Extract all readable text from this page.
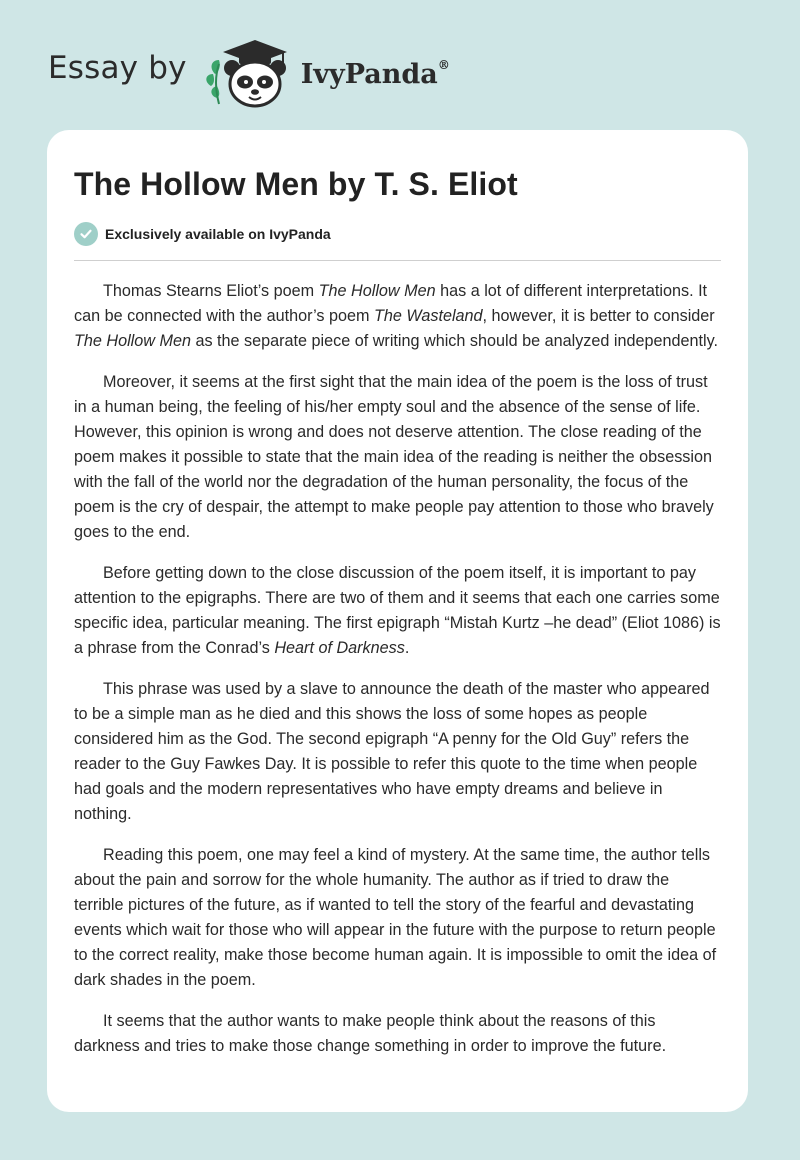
Essay by	IvyPanda®
The Hollow Men by T. S. Eliot
Exclusively available on IvyPanda

Thomas Stearns Eliot’s poem The Hollow Men has a lot of different interpretations. It can be connected with the author’s poem The Wasteland, however, it is better to consider The Hollow Men as the separate piece of writing which should be analyzed independently.

Moreover, it seems at the first sight that the main idea of the poem is the loss of trust in a human being, the feeling of his/her empty soul and the absence of the sense of life. However, this opinion is wrong and does not deserve attention. The close reading of the poem makes it possible to state that the main idea of the reading is neither the obsession with the fall of the world nor the degradation of the human personality, the focus of the poem is the cry of despair, the attempt to make people pay attention to those who bravely goes to the end.

Before getting down to the close discussion of the poem itself, it is important to pay attention to the epigraphs. There are two of them and it seems that each one carries some specific idea, particular meaning. The first epigraph “Mistah Kurtz –he dead” (Eliot 1086) is a phrase from the Conrad’s Heart of Darkness.

This phrase was used by a slave to announce the death of the master who appeared to be a simple man as he died and this shows the loss of some hopes as people considered him as the God. The second epigraph “A penny for the Old Guy” refers the reader to the Guy Fawkes Day. It is possible to refer this quote to the time when people had goals and the modern representatives who have empty dreams and believe in nothing.

Reading this poem, one may feel a kind of mystery. At the same time, the author tells about the pain and sorrow for the whole humanity. The author as if tried to draw the terrible pictures of the future, as if wanted to tell the story of the fearful and devastating events which wait for those who will appear in the future with the purpose to return people to the correct reality, make those become human again. It is impossible to omit the idea of dark shades in the poem.

It seems that the author wants to make people think about the reasons of this darkness and tries to make those change something in order to improve the future.
